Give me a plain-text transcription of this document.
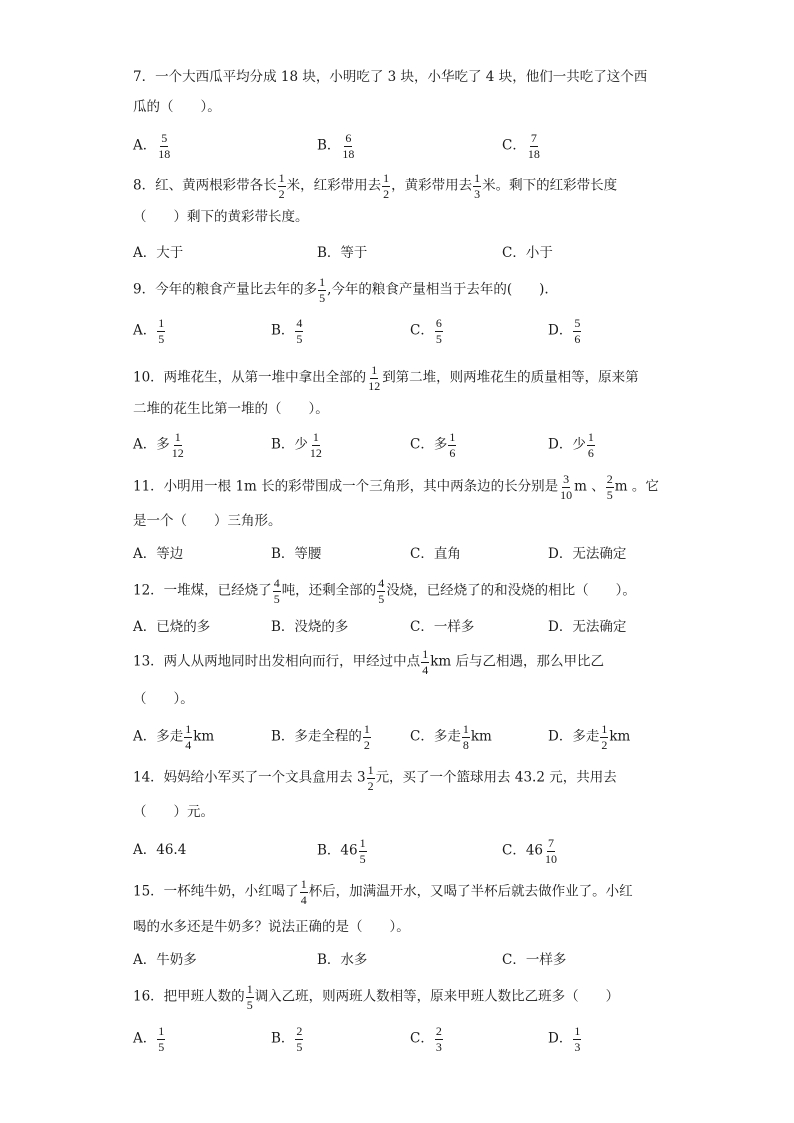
7．一个大西瓜平均分成 18 块，小明吃了 3 块，小华吃了 4 块，他们一共吃了这个西
瓜的（　　）。
A． $\frac{5}{18}$	B． $\frac{6}{18}$	C． $\frac{7}{18}$
8．红、黄两根彩带各长 $\frac{1}{2}$ 米，红彩带用去 $\frac{1}{2}$ ，黄彩带用去 $\frac{1}{3}$ 米。剩下的红彩带长度
（　　）剩下的黄彩带长度。
A．大于	B．等于	C．小于
9．今年的粮食产量比去年的多 $\frac{1}{5}$ ,今年的粮食产量相当于去年的(　　).
A． $\frac{1}{5}$	B． $\frac{4}{5}$	C． $\frac{6}{5}$	D． $\frac{5}{6}$
10．两堆花生，从第一堆中拿出全部的 $\frac{1}{12}$ 到第二堆，则两堆花生的质量相等，原来第
二堆的花生比第一堆的（　　）。
A．多 $\frac{1}{12}$	B．少 $\frac{1}{12}$	C．多 $\frac{1}{6}$	D．少 $\frac{1}{6}$
11．小明用一根 1m 长的彩带围成一个三角形，其中两条边的长分别是 $\frac{3}{10}$ m 、 $\frac{2}{5}$ m 。它
是一个（　　）三角形。
A．等边	B．等腰	C．直角	D．无法确定
12．一堆煤，已经烧了 $\frac{4}{5}$ 吨，还剩全部的 $\frac{4}{5}$ 没烧，已经烧了的和没烧的相比（　　）。
A．已烧的多	B．没烧的多	C．一样多	D．无法确定
13．两人从两地同时出发相向而行，甲经过中点 $\frac{1}{4}$ km 后与乙相遇，那么甲比乙
（　　）。
A．多走 $\frac{1}{4}$ km	B．多走全程的 $\frac{1}{2}$	C．多走 $\frac{1}{8}$ km	D．多走 $\frac{1}{2}$ km
14．妈妈给小军买了一个文具盒用去 $3 \frac{1}{2}$ 元，买了一个篮球用去 43.2 元，共用去
（　　）元。
A．46.4	B．$46 \frac{1}{5}$	C．$46 \frac{7}{10}$
15．一杯纯牛奶，小红喝了 $\frac{1}{4}$ 杯后，加满温开水，又喝了半杯后就去做作业了。小红
喝的水多还是牛奶多？说法正确的是（　　）。
A．牛奶多	B．水多	C．一样多
16．把甲班人数的 $\frac{1}{5}$ 调入乙班，则两班人数相等，原来甲班人数比乙班多（　　）
A． $\frac{1}{5}$	B． $\frac{2}{5}$	C． $\frac{2}{3}$	D． $\frac{1}{3}$
